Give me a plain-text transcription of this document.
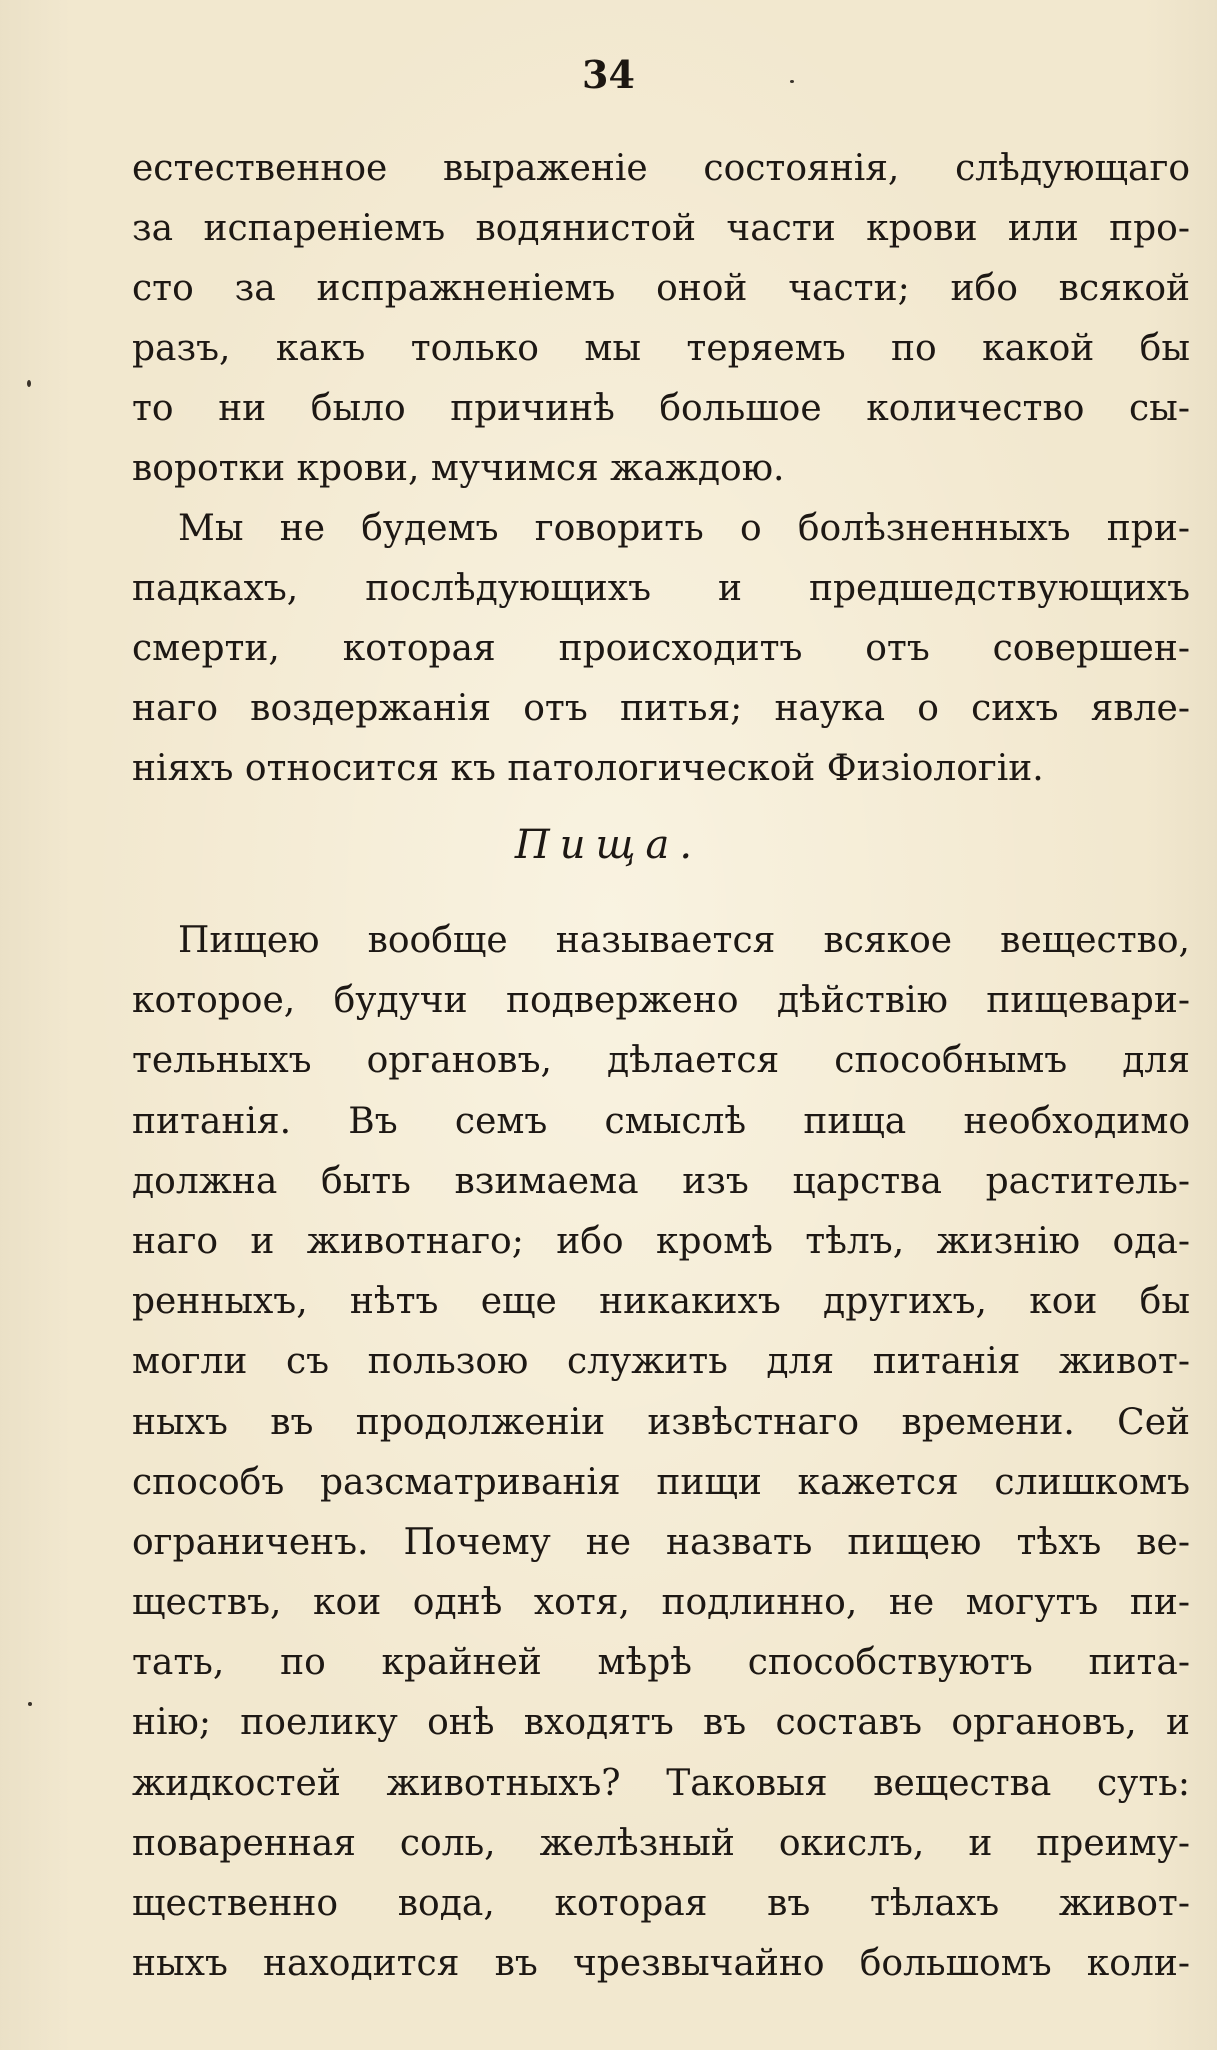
34
естественное выраженіе состоянія, слѣдующаго
за испареніемъ водянистой части крови или про-
сто за испражненіемъ оной части; ибо всякой
разъ, какъ только мы теряемъ по какой бы
то ни было причинѣ большое количество сы-
воротки крови, мучимся жаждою.
Мы не будемъ говорить о болѣзненныхъ при-
падкахъ, послѣдующихъ и предшедствующихъ
смерти, которая происходитъ отъ совершен-
наго воздержанія отъ питья; наука о сихъ явле-
ніяхъ относится къ патологической Физіологіи.
Пища.
Пищею вообще называется всякое вещество,
которое, будучи подвержено дѣйствію пищевари-
тельныхъ органовъ, дѣлается способнымъ для
питанія. Въ семъ смыслѣ пища необходимо
должна быть взимаема изъ царства раститель-
наго и животнаго; ибо кромѣ тѣлъ, жизнію ода-
ренныхъ, нѣтъ еще никакихъ другихъ, кои бы
могли съ пользою служить для питанія живот-
ныхъ въ продолженіи извѣстнаго времени. Сей
способъ разсматриванія пищи кажется слишкомъ
ограниченъ. Почему не назвать пищею тѣхъ ве-
ществъ, кои однѣ хотя, подлинно, не могутъ пи-
тать, по крайней мѣрѣ способствуютъ пита-
нію; поелику онѣ входятъ въ составъ органовъ, и
жидкостей животныхъ? Таковыя вещества суть:
поваренная соль, желѣзный окислъ, и преиму-
щественно вода, которая въ тѣлахъ живот-
ныхъ находится въ чрезвычайно большомъ коли-
